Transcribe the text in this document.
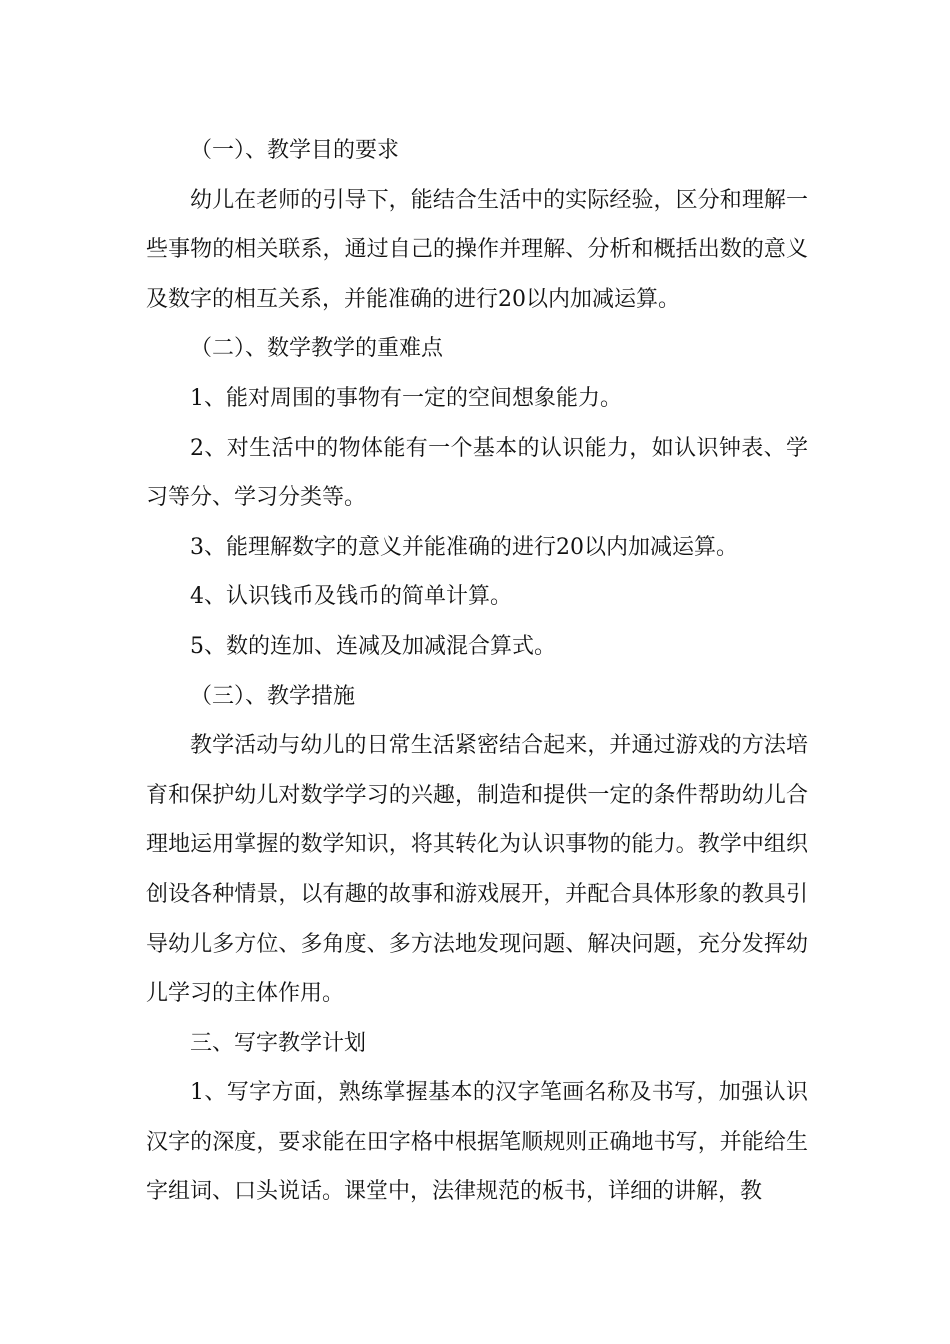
（一）、教学目的要求

幼儿在老师的引导下，能结合生活中的实际经验，区分和理解一些事物的相关联系，通过自己的操作并理解、分析和概括出数的意义及数字的相互关系，并能准确的进行20以内加减运算。

（二）、数学教学的重难点

1、能对周围的事物有一定的空间想象能力。

2、对生活中的物体能有一个基本的认识能力，如认识钟表、学习等分、学习分类等。

3、能理解数字的意义并能准确的进行20以内加减运算。

4、认识钱币及钱币的简单计算。

5、数的连加、连减及加减混合算式。

（三）、教学措施

教学活动与幼儿的日常生活紧密结合起来，并通过游戏的方法培育和保护幼儿对数学学习的兴趣，制造和提供一定的条件帮助幼儿合理地运用掌握的数学知识，将其转化为认识事物的能力。教学中组织创设各种情景，以有趣的故事和游戏展开，并配合具体形象的教具引导幼儿多方位、多角度、多方法地发现问题、解决问题，充分发挥幼儿学习的主体作用。

三、写字教学计划

1、写字方面，熟练掌握基本的汉字笔画名称及书写，加强认识汉字的深度，要求能在田字格中根据笔顺规则正确地书写，并能给生字组词、口头说话。课堂中，法律规范的板书，详细的讲解，教
